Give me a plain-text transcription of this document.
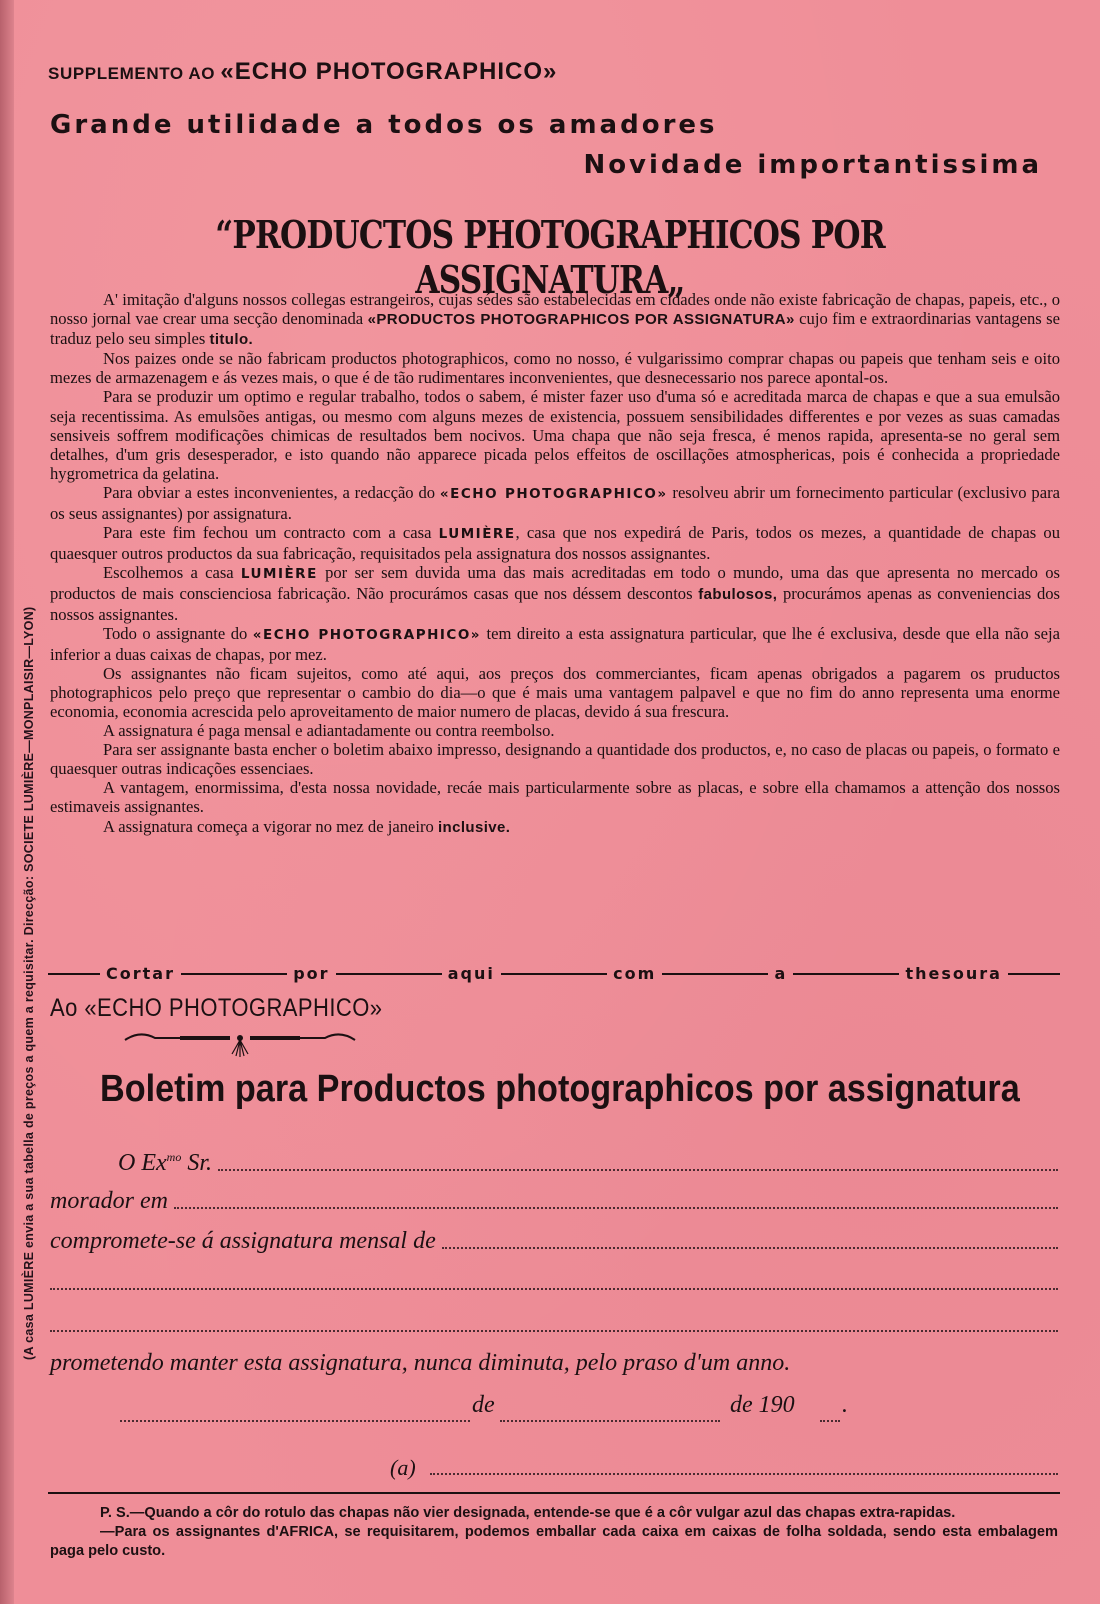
(A casa LUMIÈRE envia a sua tabella de preços a quem a requisitar. Direcção: SOCIETE LUMIÈRE—MONPLAISIR—LYON)
SUPPLEMENTO AO «ECHO PHOTOGRAPHICO»
Grande utilidade a todos os amadores
Novidade importantissima
“PRODUCTOS PHOTOGRAPHICOS POR ASSIGNATURA„

A' imitação d'alguns nossos collegas estrangeiros, cujas sédes são estabelecidas em cidades onde não existe fabricação de chapas, papeis, etc., o nosso jornal vae crear uma secção denominada «PRODUCTOS PHOTOGRAPHICOS POR ASSIGNATURA» cujo fim e extraordinarias vantagens se traduz pelo seu simples titulo.

Nos paizes onde se não fabricam productos photographicos, como no nosso, é vulgarissimo comprar chapas ou papeis que tenham seis e oito mezes de armazenagem e ás vezes mais, o que é de tão rudimentares inconvenientes, que desnecessario nos parece apontal-os.

Para se produzir um optimo e regular trabalho, todos o sabem, é mister fazer uso d'uma só e acreditada marca de chapas e que a sua emulsão seja recentissima. As emulsões antigas, ou mesmo com alguns mezes de existencia, possuem sensibilidades differentes e por vezes as suas camadas sensiveis soffrem modificações chimicas de resultados bem nocivos. Uma chapa que não seja fresca, é menos rapida, apresenta-se no geral sem detalhes, d'um gris desesperador, e isto quando não apparece picada pelos effeitos de oscillações atmosphericas, pois é conhecida a propriedade hygrometrica da gelatina.

Para obviar a estes inconvenientes, a redacção do «ECHO PHOTOGRAPHICO» resolveu abrir um fornecimento particular (exclusivo para os seus assignantes) por assignatura.

Para este fim fechou um contracto com a casa LUMIÈRE, casa que nos expedirá de Paris, todos os mezes, a quantidade de chapas ou quaesquer outros productos da sua fabricação, requisitados pela assignatura dos nossos assignantes.

Escolhemos a casa LUMIÈRE por ser sem duvida uma das mais acreditadas em todo o mundo, uma das que apresenta no mercado os productos de mais conscienciosa fabricação. Não procurámos casas que nos déssem descontos fabulosos, procurámos apenas as conveniencias dos nossos assignantes.

Todo o assignante do «ECHO PHOTOGRAPHICO» tem direito a esta assignatura particular, que lhe é exclusiva, desde que ella não seja inferior a duas caixas de chapas, por mez.

Os assignantes não ficam sujeitos, como até aqui, aos preços dos commerciantes, ficam apenas obrigados a pagarem os pruductos photographicos pelo preço que representar o cambio do dia—o que é mais uma vantagem palpavel e que no fim do anno representa uma enorme economia, economia acrescida pelo aproveitamento de maior numero de placas, devido á sua frescura.

A assignatura é paga mensal e adiantadamente ou contra reembolso.

Para ser assignante basta encher o boletim abaixo impresso, designando a quantidade dos productos, e, no caso de placas ou papeis, o formato e quaesquer outras indicações essenciaes.

A vantagem, enormissima, d'esta nossa novidade, recáe mais particularmente sobre as placas, e sobre ella chamamos a attenção dos nossos estimaveis assignantes.

A assignatura começa a vigorar no mez de janeiro inclusive.

Cortar	por	aqui	com	a	thesoura
Ao «ECHO PHOTOGRAPHICO»
Boletim para Productos photographicos por assignatura
O $Ex^{mo}$ Sr.
morador em
compromete-se á assignatura mensal de
prometendo manter esta assignatura, nunca diminuta, pelo praso d'um anno.
de	de 190 .
(a)

P. S.—Quando a côr do rotulo das chapas não vier designada, entende-se que é a côr vulgar azul das chapas extra-rapidas.

—Para os assignantes d'AFRICA, se requisitarem, podemos emballar cada caixa em caixas de folha soldada, sendo esta embalagem paga pelo custo.
